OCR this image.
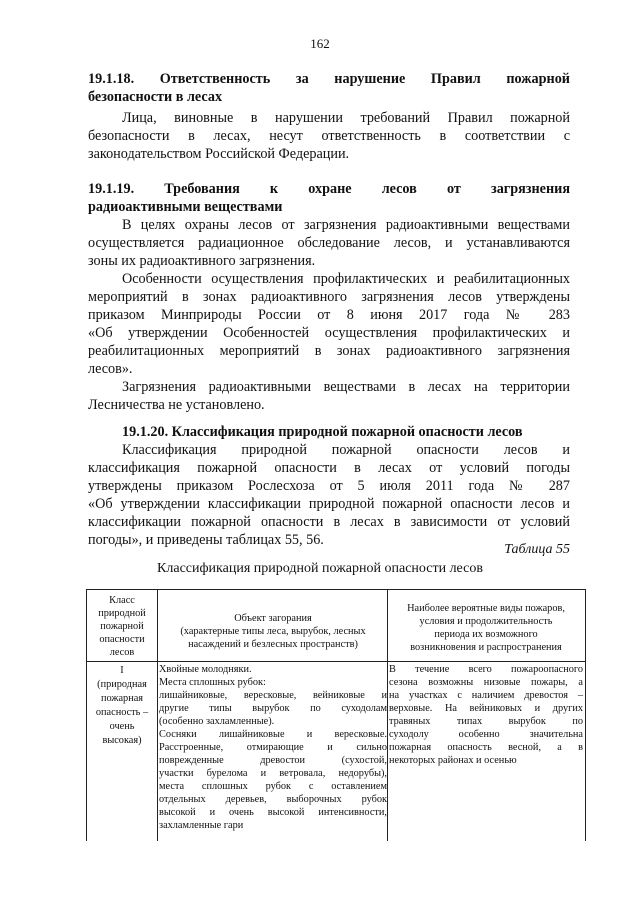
162
19.1.18. Ответственность за нарушение Правил пожарной
безопасности в лесах
Лица, виновные в нарушении требований Правил пожарной
безопасности в лесах, несут ответственность в соответствии с
законодательством Российской Федерации.
19.1.19. Требования к охране лесов от загрязнения
радиоактивными веществами
В целях охраны лесов от загрязнения радиоактивными веществами
осуществляется радиационное обследование лесов, и устанавливаются
зоны их радиоактивного загрязнения.
Особенности осуществления профилактических и реабилитационных
мероприятий в зонах радиоактивного загрязнения лесов утверждены
приказом Минприроды России от 8 июня 2017 года № 283
«Об утверждении Особенностей осуществления профилактических и
реабилитационных мероприятий в зонах радиоактивного загрязнения
лесов».
Загрязнения радиоактивными веществами в лесах на территории
Лесничества не установлено.
19.1.20. Классификация природной пожарной опасности лесов
Классификация природной пожарной опасности лесов и
классификация пожарной опасности в лесах от условий погоды
утверждены приказом Рослесхоза от 5 июля 2011 года № 287
«Об утверждении классификации природной пожарной опасности лесов и
классификации пожарной опасности в лесах в зависимости от условий
погоды», и приведены таблицах 55, 56.
Таблица 55
Классификация природной пожарной опасности лесов
Класс
природной
пожарной
опасности
лесов
Объект загорания
(характерные типы леса, вырубок, лесных
насаждений и безлесных пространств)
Наиболее вероятные виды пожаров,
условия и продолжительность
периода их возможного
возникновения и распространения
I
(природная
пожарная
опасность –
очень
высокая)
Хвойные молодняки.
Места сплошных рубок:
лишайниковые, вересковые, вейниковые и
другие типы вырубок по суходолам
(особенно захламленные).
Сосняки лишайниковые и вересковые.
Расстроенные, отмирающие и сильно
поврежденные древостои (сухостой,
участки бурелома и ветровала, недорубы),
места сплошных рубок с оставлением
отдельных деревьев, выборочных рубок
высокой и очень высокой интенсивности,
захламленные гари
В течение всего пожароопасного
сезона возможны низовые пожары, а
на участках с наличием древостоя –
верховые. На вейниковых и других
травяных типах вырубок по
суходолу особенно значительна
пожарная опасность весной, а в
некоторых районах и осенью
